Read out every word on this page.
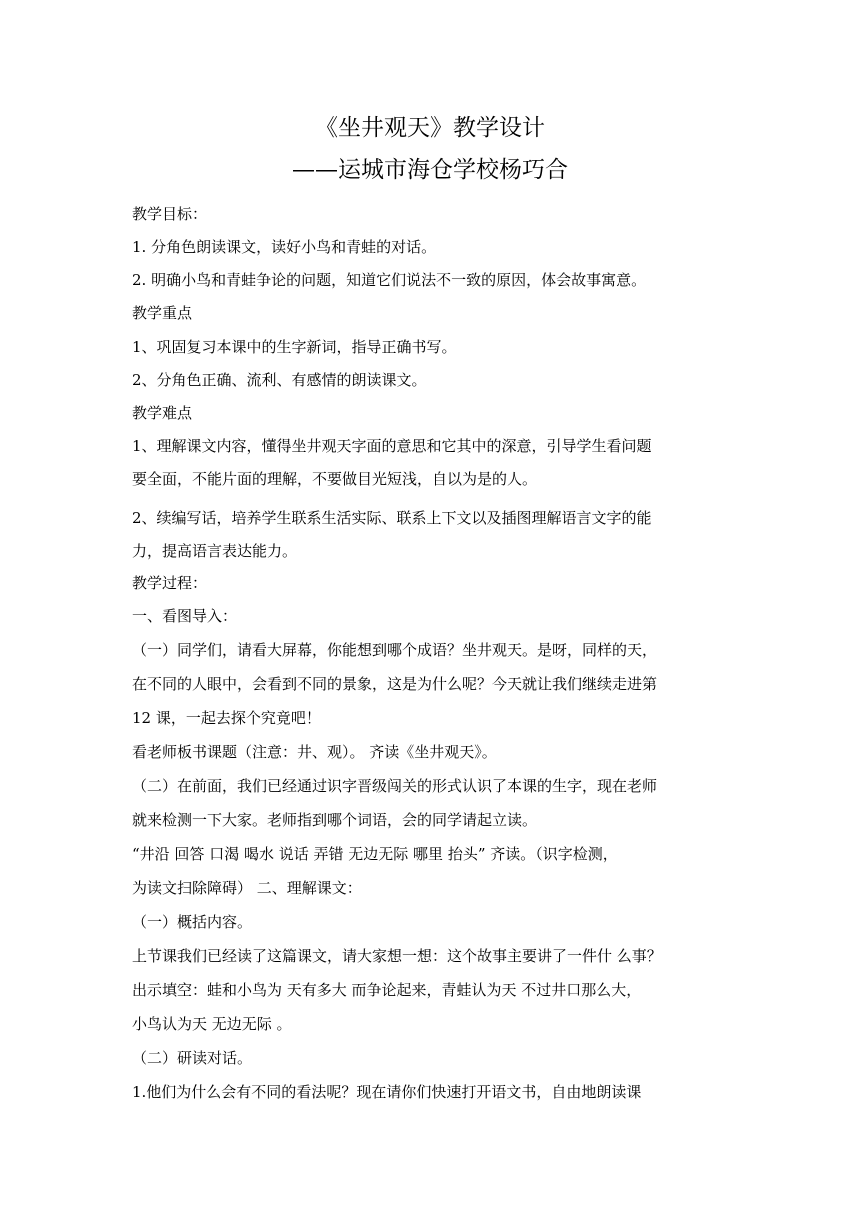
《坐井观天》教学设计
——运城市海仓学校杨巧合
教学目标：
1. 分角色朗读课文，读好小鸟和青蛙的对话。
2. 明确小鸟和青蛙争论的问题，知道它们说法不一致的原因，体会故事寓意。
教学重点
1、巩固复习本课中的生字新词，指导正确书写。
2、分角色正确、流利、有感情的朗读课文。
教学难点
1、理解课文内容，懂得坐井观天字面的意思和它其中的深意，引导学生看问题
要全面，不能片面的理解，不要做目光短浅，自以为是的人。
2、续编写话，培养学生联系生活实际、联系上下文以及插图理解语言文字的能
力，提高语言表达能力。
教学过程：
一、看图导入：
（一）同学们，请看大屏幕，你能想到哪个成语？坐井观天。是呀，同样的天，
在不同的人眼中，会看到不同的景象，这是为什么呢？今天就让我们继续走进第
12 课，一起去探个究竟吧！
看老师板书课题（注意：井、观）。 齐读《坐井观天》。
（二）在前面，我们已经通过识字晋级闯关的形式认识了本课的生字，现在老师
就来检测一下大家。老师指到哪个词语，会的同学请起立读。
“井沿 回答 口渴 喝水 说话 弄错 无边无际 哪里 抬头” 齐读。（识字检测，
为读文扫除障碍） 二、理解课文：
（一）概括内容。
上节课我们已经读了这篇课文，请大家想一想：这个故事主要讲了一件什 么事？
出示填空：蛙和小鸟为 天有多大 而争论起来，青蛙认为天 不过井口那么大，
小鸟认为天 无边无际 。
（二）研读对话。
1.他们为什么会有不同的看法呢？现在请你们快速打开语文书，自由地朗读课
